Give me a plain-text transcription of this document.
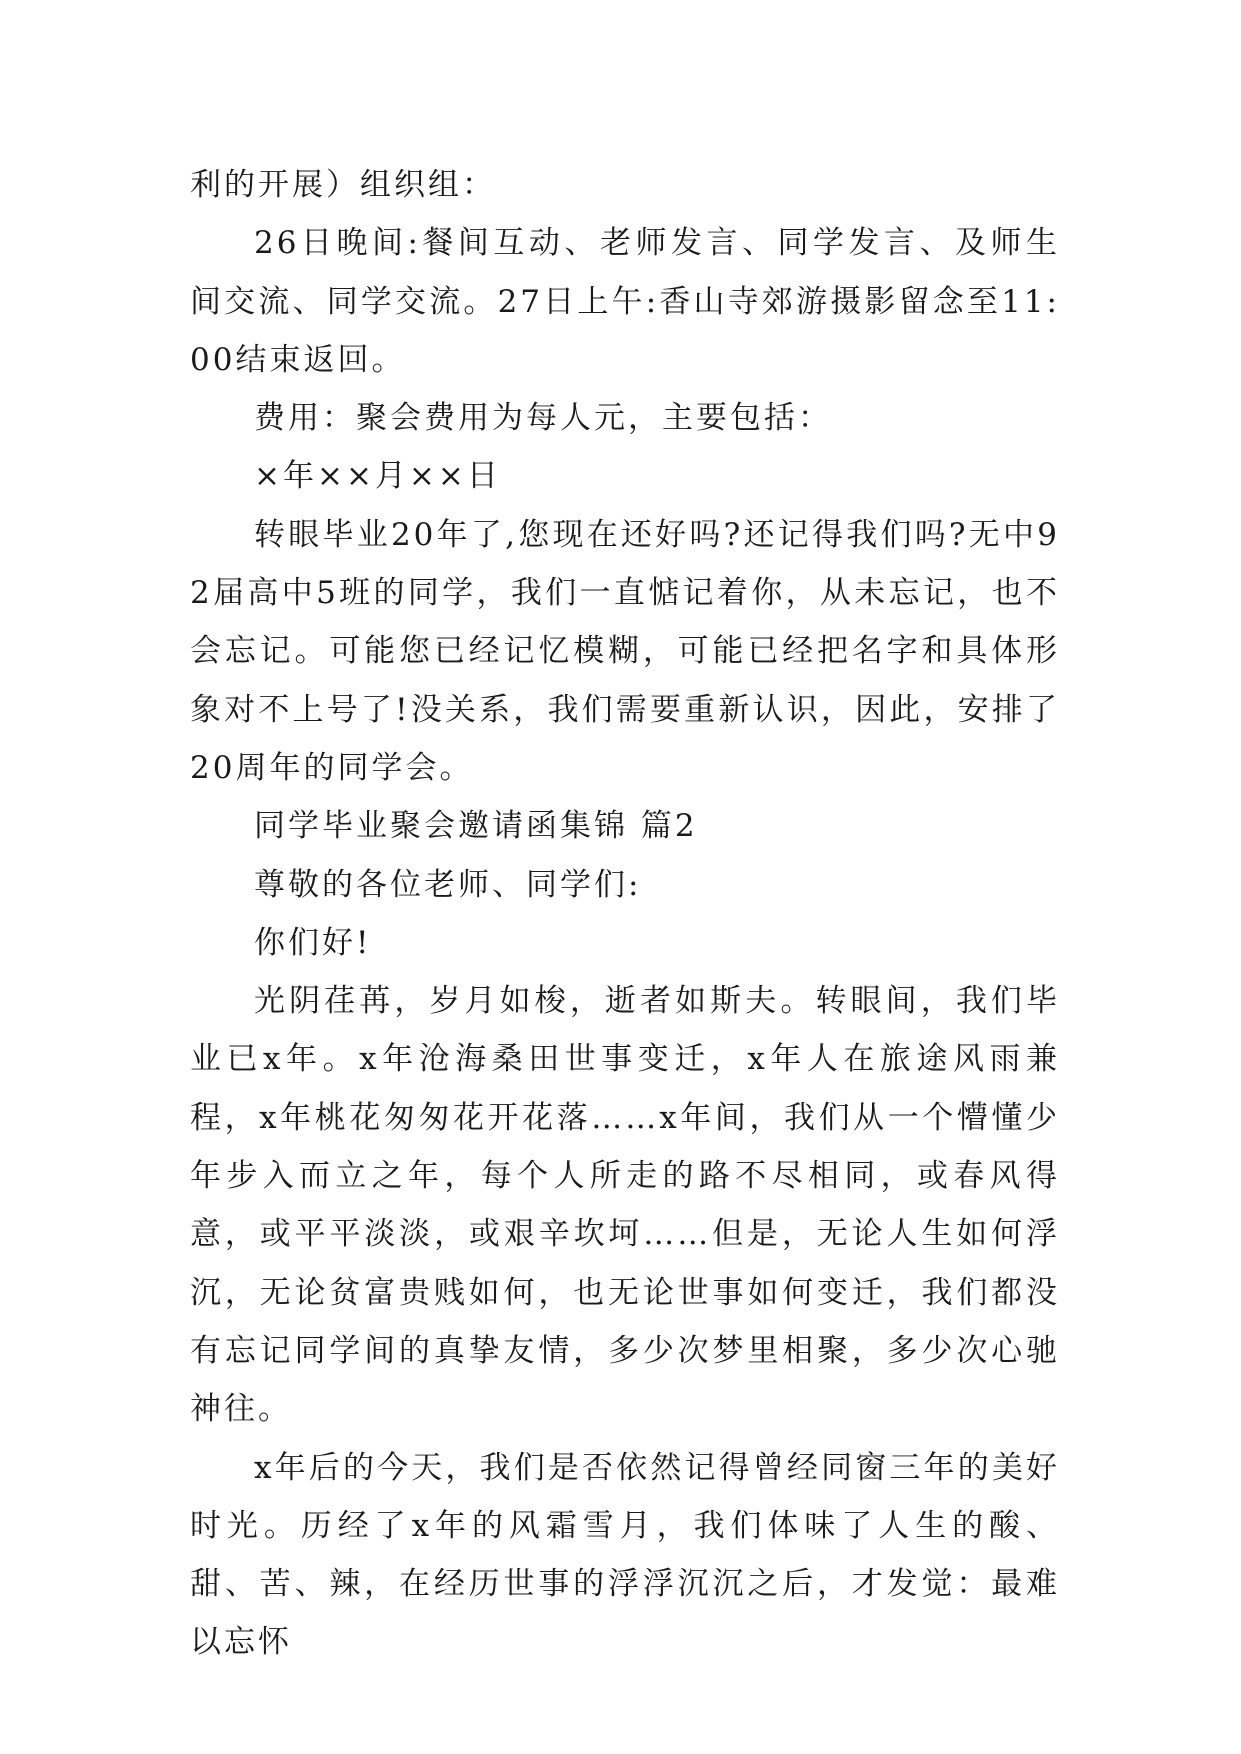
利的开展）组织组：

26日晚间:餐间互动、老师发言、同学发言、及师生间交流、同学交流。27日上午:香山寺郊游摄影留念至11:00结束返回。

费用：聚会费用为每人元，主要包括：

×年××月××日

转眼毕业20年了,您现在还好吗?还记得我们吗?无中92届高中5班的同学，我们一直惦记着你，从未忘记，也不会忘记。可能您已经记忆模糊，可能已经把名字和具体形象对不上号了!没关系，我们需要重新认识，因此，安排了20周年的同学会。

同学毕业聚会邀请函集锦 篇2

尊敬的各位老师、同学们:

你们好!

光阴荏苒，岁月如梭，逝者如斯夫。转眼间，我们毕业已x年。x年沧海桑田世事变迁，x年人在旅途风雨兼程，x年桃花匆匆花开花落……x年间，我们从一个懵懂少年步入而立之年，每个人所走的路不尽相同，或春风得意，或平平淡淡，或艰辛坎坷……但是，无论人生如何浮沉，无论贫富贵贱如何，也无论世事如何变迁，我们都没有忘记同学间的真挚友情，多少次梦里相聚，多少次心驰神往。

x年后的今天，我们是否依然记得曾经同窗三年的美好时光。历经了x年的风霜雪月，我们体味了人生的酸、甜、苦、辣，在经历世事的浮浮沉沉之后，才发觉：最难以忘怀
